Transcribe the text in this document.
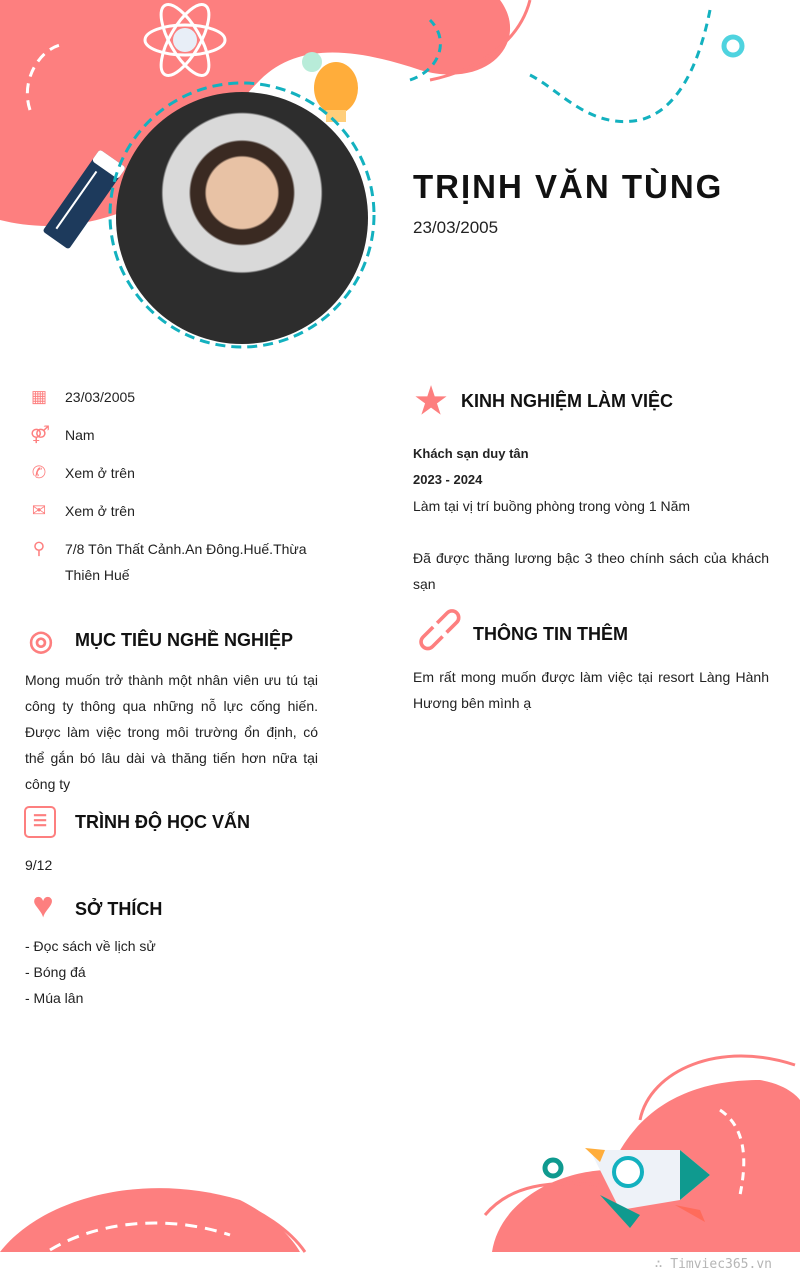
TRỊNH VĂN TÙNG
23/03/2005
▦ 23/03/2005
⚤ Nam
✆ Xem ở trên
✉ Xem ở trên
⚲ 7/8 Tôn Thất Cảnh.An Đông.Huế.Thừa Thiên Huế
◎ MỤC TIÊU NGHỀ NGHIỆP
Mong muốn trở thành một nhân viên ưu tú tại công ty thông qua những nỗ lực cống hiến. Được làm việc trong môi trường ổn định, có thể gắn bó lâu dài và thăng tiến hơn nữa tại công ty
☰	TRÌNH ĐỘ HỌC VẤN
9/12
♥	SỞ THÍCH
- Đọc sách về lịch sử
- Bóng đá
- Múa lân
★ KINH NGHIỆM LÀM VIỆC
Khách sạn duy tân
2023 - 2024
Làm tại vị trí buồng phòng trong vòng 1 Năm
Đã được thăng lương bậc 3 theo chính sách của khách sạn
⊂⊃ THÔNG TIN THÊM
Em rất mong muốn được làm việc tại resort Làng Hành Hương bên mình ạ
∴ Timviec365.vn
